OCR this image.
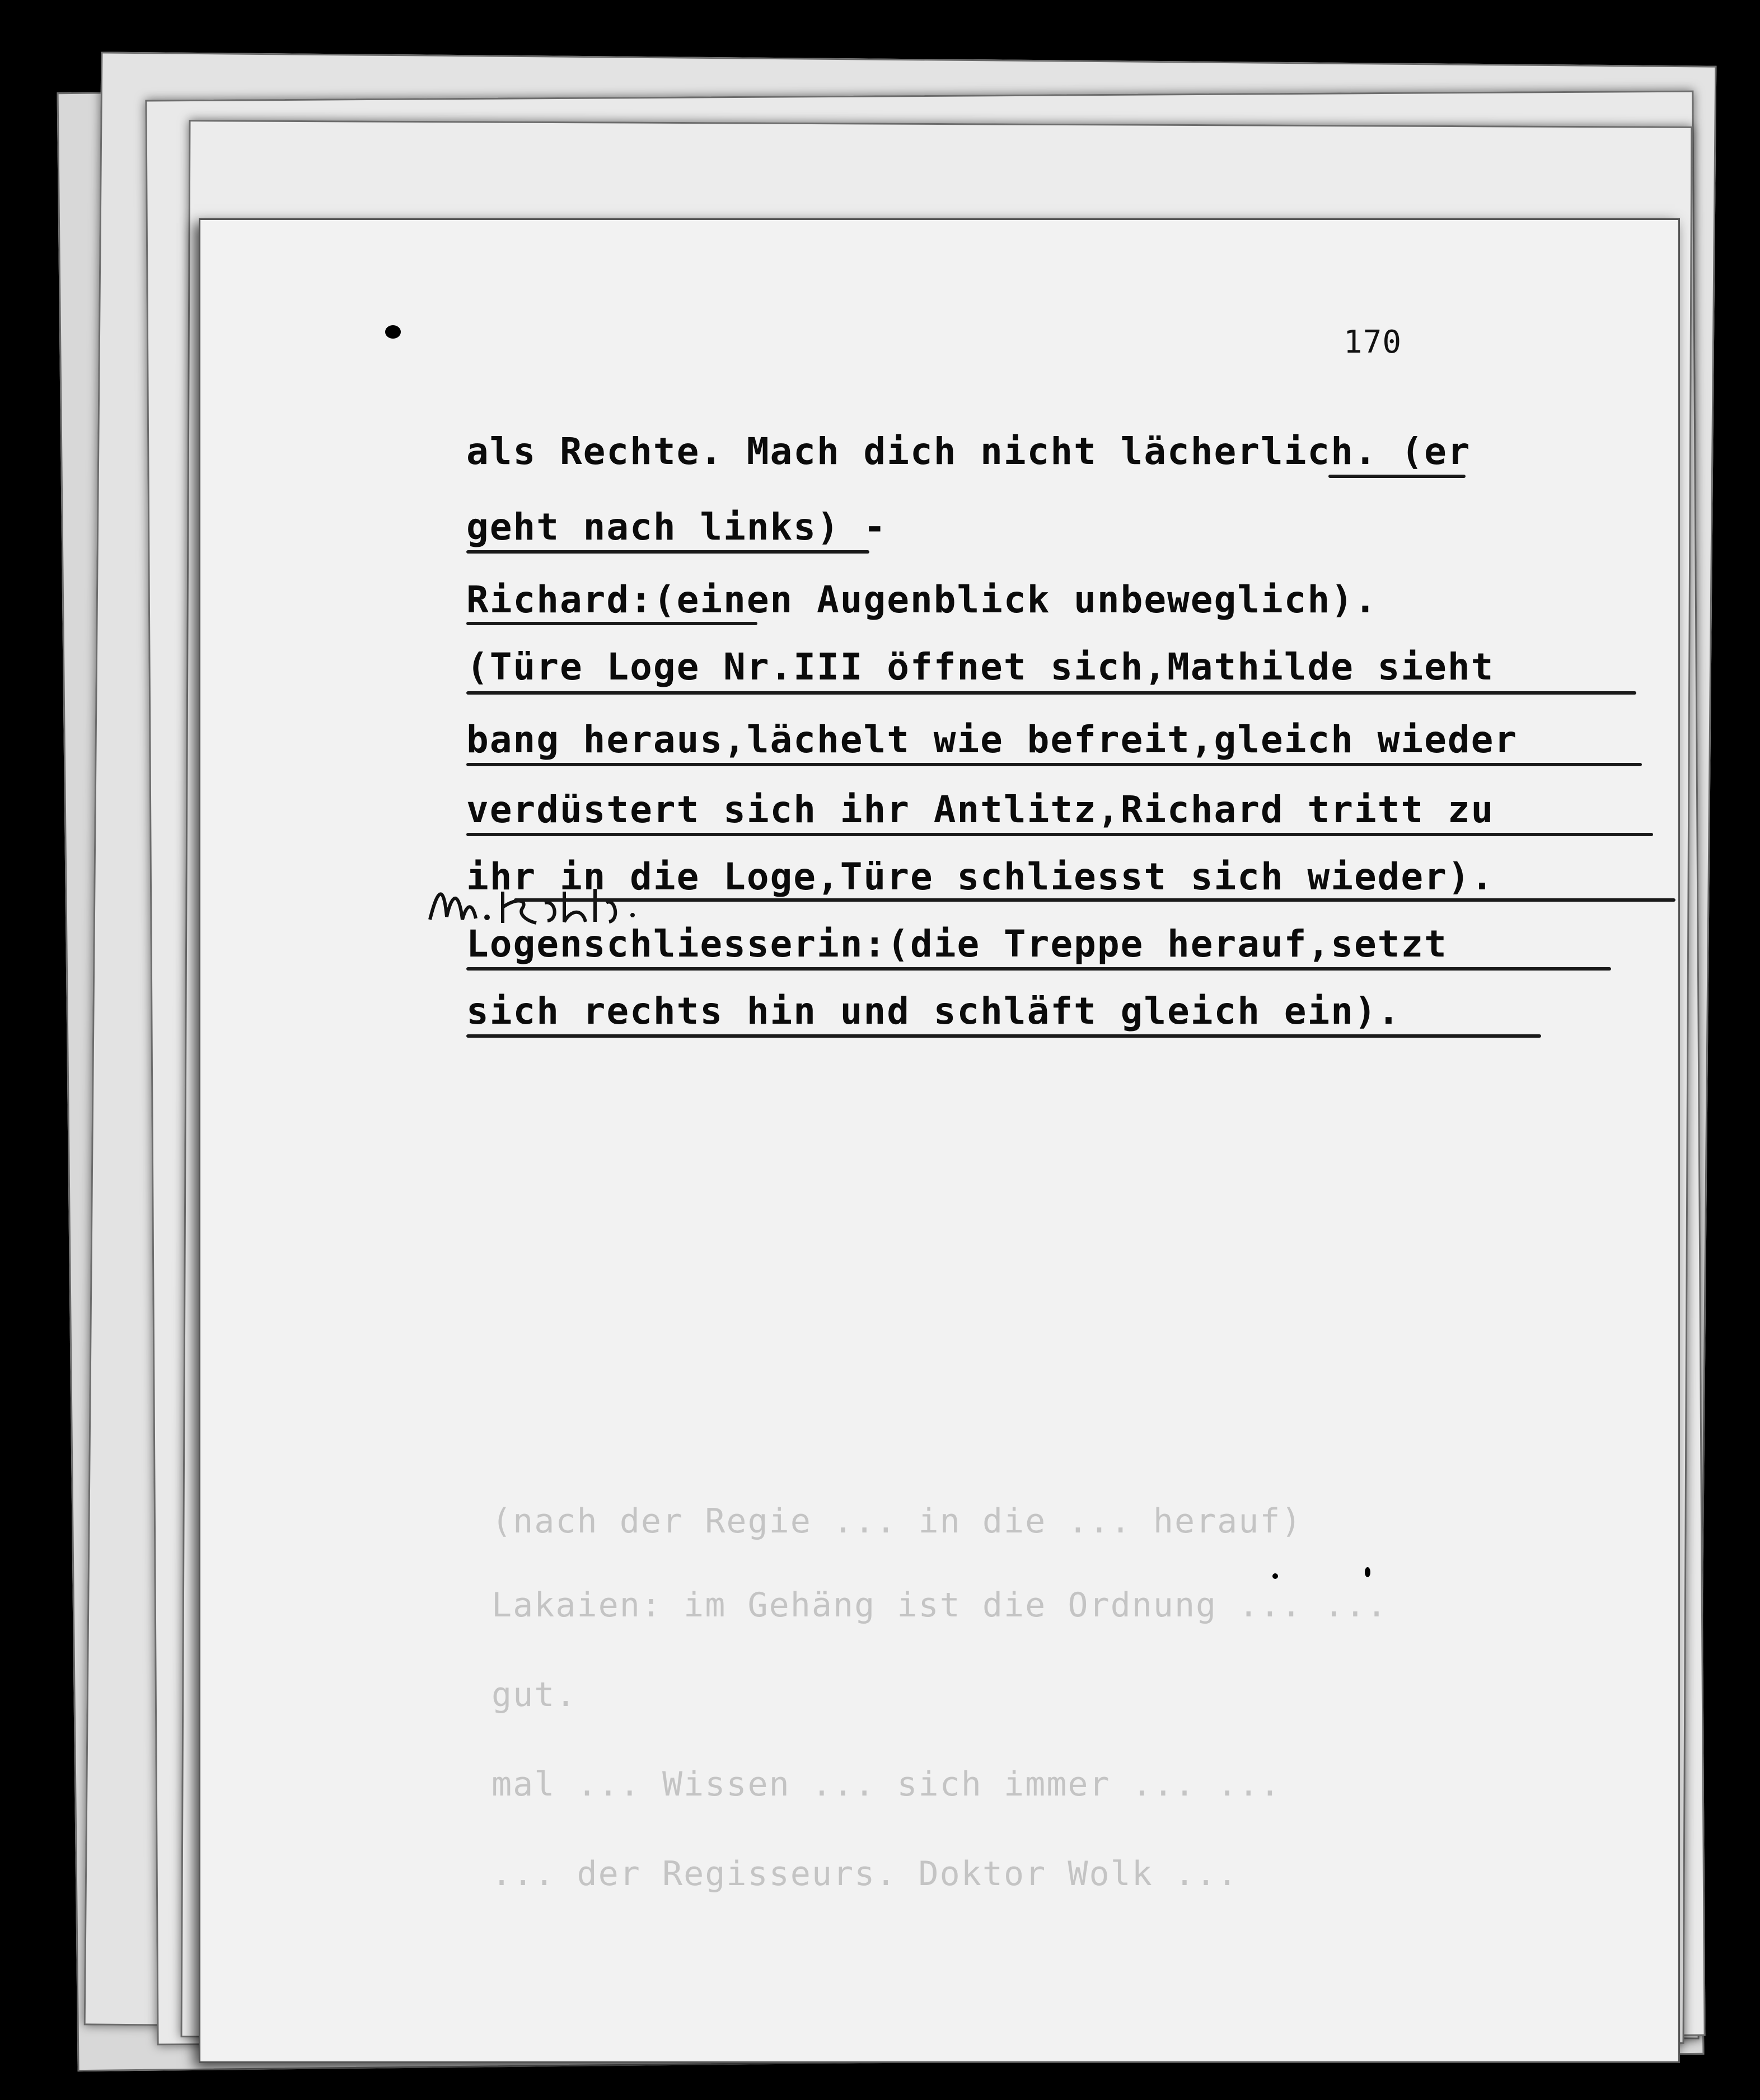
170
als Rechte. Mach dich nicht lächerlich. (er
geht nach links) -
Richard:(einen Augenblick unbeweglich).
(Türe Loge Nr.III öffnet sich,Mathilde sieht
bang heraus,lächelt wie befreit,gleich wieder
verdüstert sich ihr Antlitz,Richard tritt zu
ihr in die Loge,Türe schliesst sich wieder).
Logenschliesserin:(die Treppe herauf,setzt
sich rechts hin und schläft gleich ein).
(nach der Regie ... in die ... herauf)
Lakaien: im Gehäng ist die Ordnung ... ...
gut.
mal ... Wissen ... sich immer ... ...
... der Regisseurs. Doktor Wolk ...
